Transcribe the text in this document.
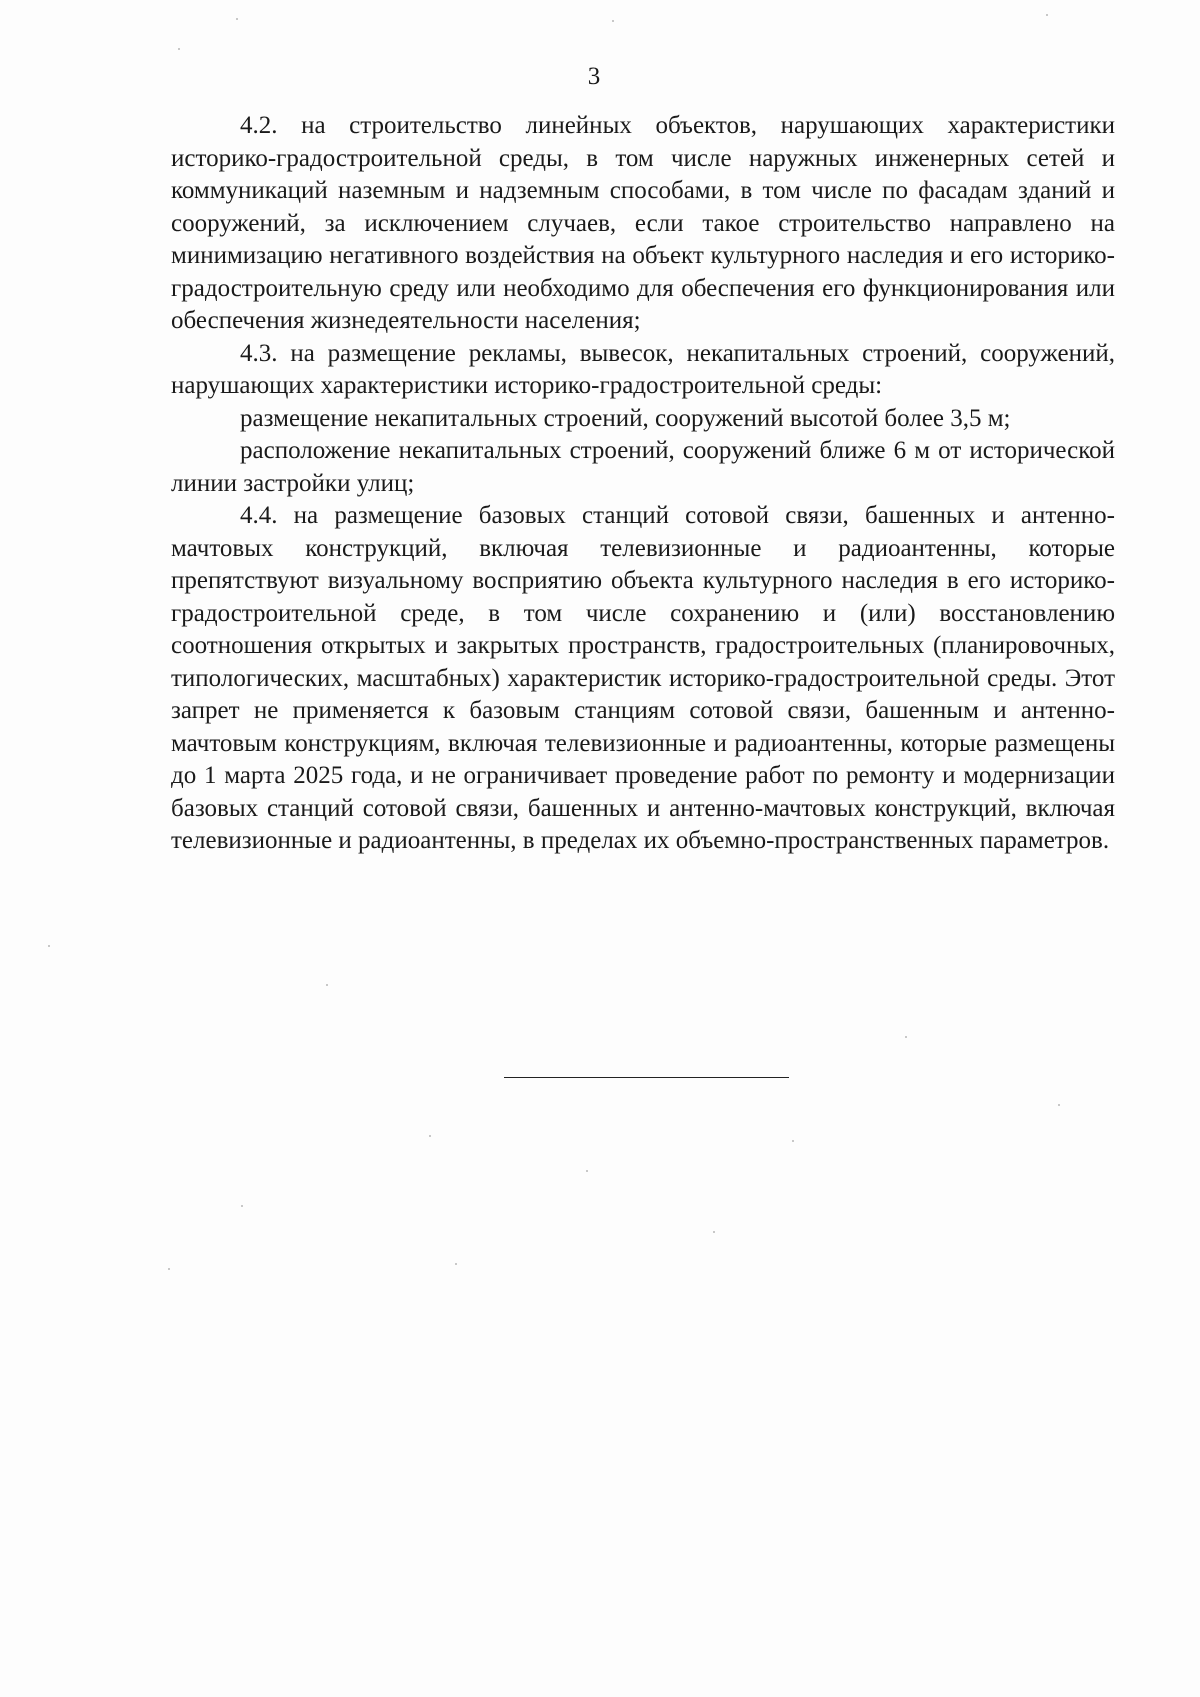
3

4.2. на строительство линейных объектов, нарушающих характеристики историко-градостроительной среды, в том числе наружных инженерных сетей и коммуникаций наземным и надземным способами, в том числе по фасадам зданий и сооружений, за исключением случаев, если такое строительство направлено на минимизацию негативного воздействия на объект культурного наследия и его историко-градостроительную среду или необходимо для обеспечения его функционирования или обеспечения жизнедеятельности населения;

4.3. на размещение рекламы, вывесок, некапитальных строений, сооружений, нарушающих характеристики историко-градостроительной среды:

размещение некапитальных строений, сооружений высотой более 3,5 м;

расположение некапитальных строений, сооружений ближе 6 м от исторической линии застройки улиц;

4.4. на размещение базовых станций сотовой связи, башенных и антенно-мачтовых конструкций, включая телевизионные и радиоантенны, которые препятствуют визуальному восприятию объекта культурного наследия в его историко-градостроительной среде, в том числе сохранению и (или) восстановлению соотношения открытых и закрытых пространств, градостроительных (планировочных, типологических, масштабных) характеристик историко-градостроительной среды. Этот запрет не применяется к базовым станциям сотовой связи, башенным и антенно-мачтовым конструкциям, включая телевизионные и радиоантенны, которые размещены до 1 марта 2025 года, и не ограничивает проведение работ по ремонту и модернизации базовых станций сотовой связи, башенных и антенно-мачтовых конструкций, включая телевизионные и радиоантенны, в пределах их объемно-пространственных параметров.
